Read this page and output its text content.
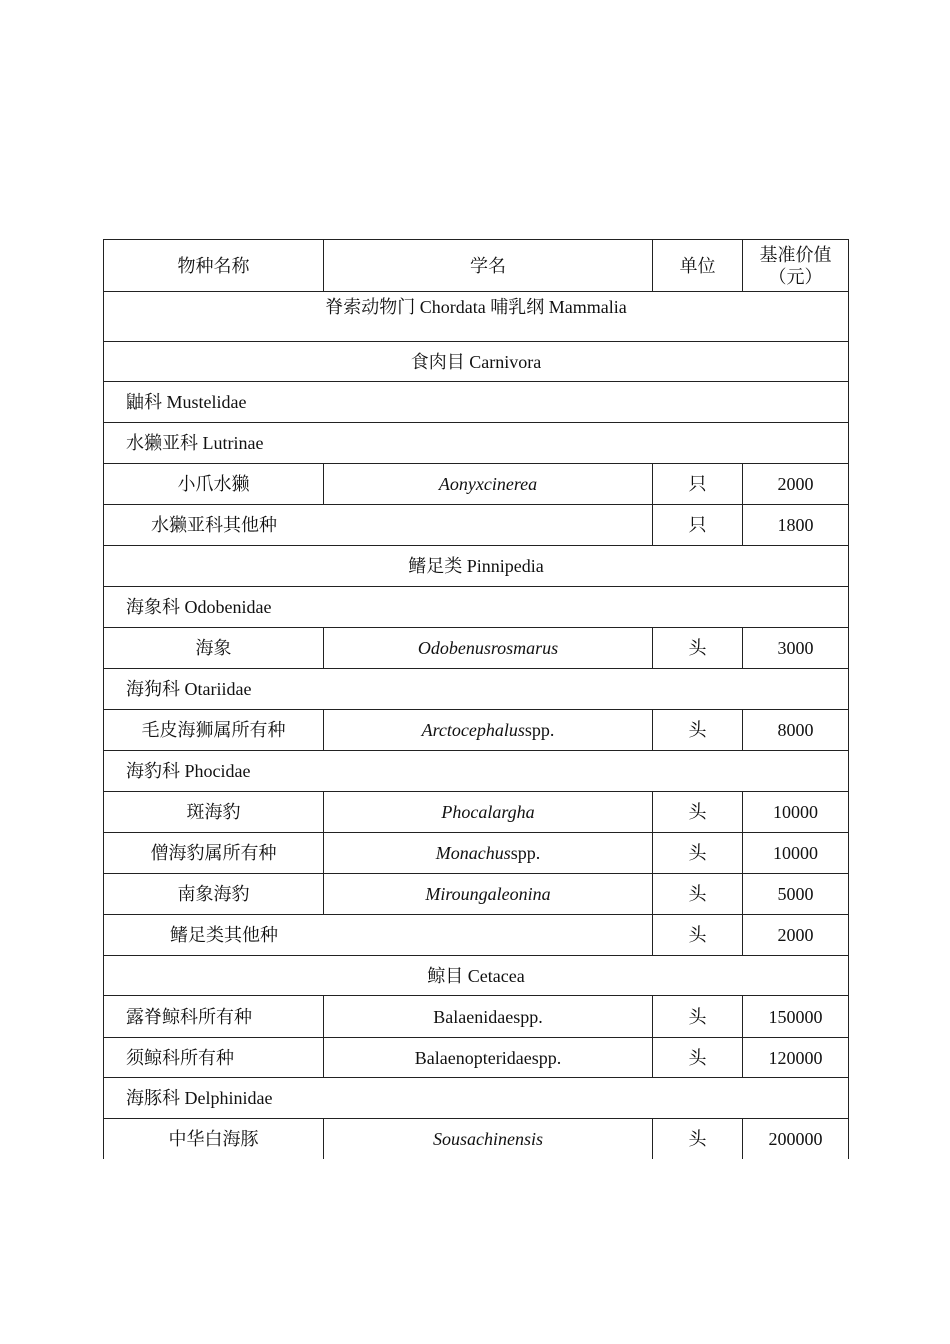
物种名称	学名	单位	基准价值
（元）

脊索动物门 Chordata 哺乳纲 Mammalia			
食肉目 Carnivora			
鼬科 Mustelidae			
水獭亚科 Lutrinae			
小爪水獭	Aonyxcinerea	只	2000

水獭亚科其他种		只	1800
鳍足类 Pinnipedia			
海象科 Odobenidae			
海象	Odobenusrosmarus	头	3000
海狗科 Otariidae			
毛皮海狮属所有种	Arctocephalusspp.	头	8000
海豹科 Phocidae			
斑海豹	Phocalargha	头	10000
僧海豹属所有种	Monachusspp.	头	10000
南象海豹	Miroungaleonina	头	5000

鳍足类其他种		头	2000
鲸目 Cetacea			
露脊鲸科所有种	Balaenidaespp.	头	150000
须鲸科所有种	Balaenopteridaespp.	头	120000
海豚科 Delphinidae			
中华白海豚	Sousachinensis	头	200000
